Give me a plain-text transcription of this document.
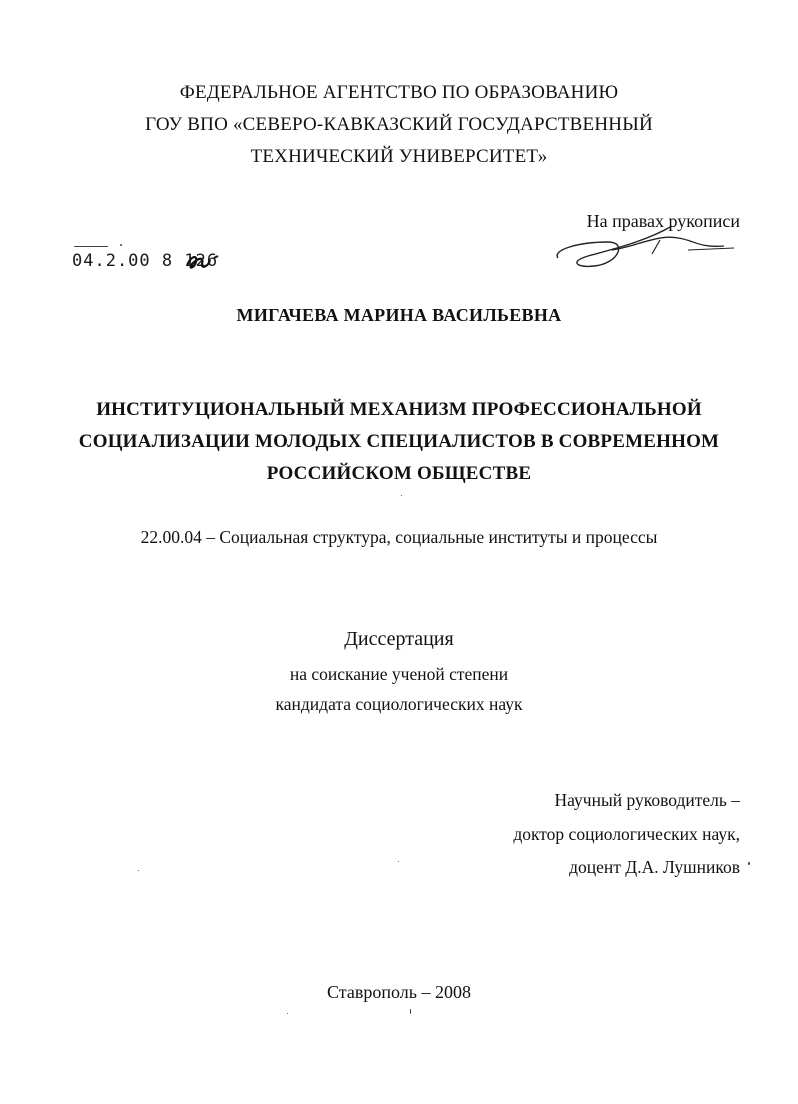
ФЕДЕРАЛЬНОЕ АГЕНТСТВО ПО ОБРАЗОВАНИЮ
ГОУ ВПО «СЕВЕРО-КАВКАЗСКИЙ ГОСУДАРСТВЕННЫЙ
ТЕХНИЧЕСКИЙ УНИВЕРСИТЕТ»
На правах рукописи
04.2.00 8 126
МИГАЧЕВА МАРИНА ВАСИЛЬЕВНА
ИНСТИТУЦИОНАЛЬНЫЙ МЕХАНИЗМ ПРОФЕССИОНАЛЬНОЙ
СОЦИАЛИЗАЦИИ МОЛОДЫХ СПЕЦИАЛИСТОВ В СОВРЕМЕННОМ
РОССИЙСКОМ ОБЩЕСТВЕ
22.00.04 – Социальная структура, социальные институты и процессы
Диссертация
на соискание ученой степени
кандидата социологических наук
Научный руководитель –
доктор социологических наук,
доцент Д.А. Лушников
Ставрополь – 2008
